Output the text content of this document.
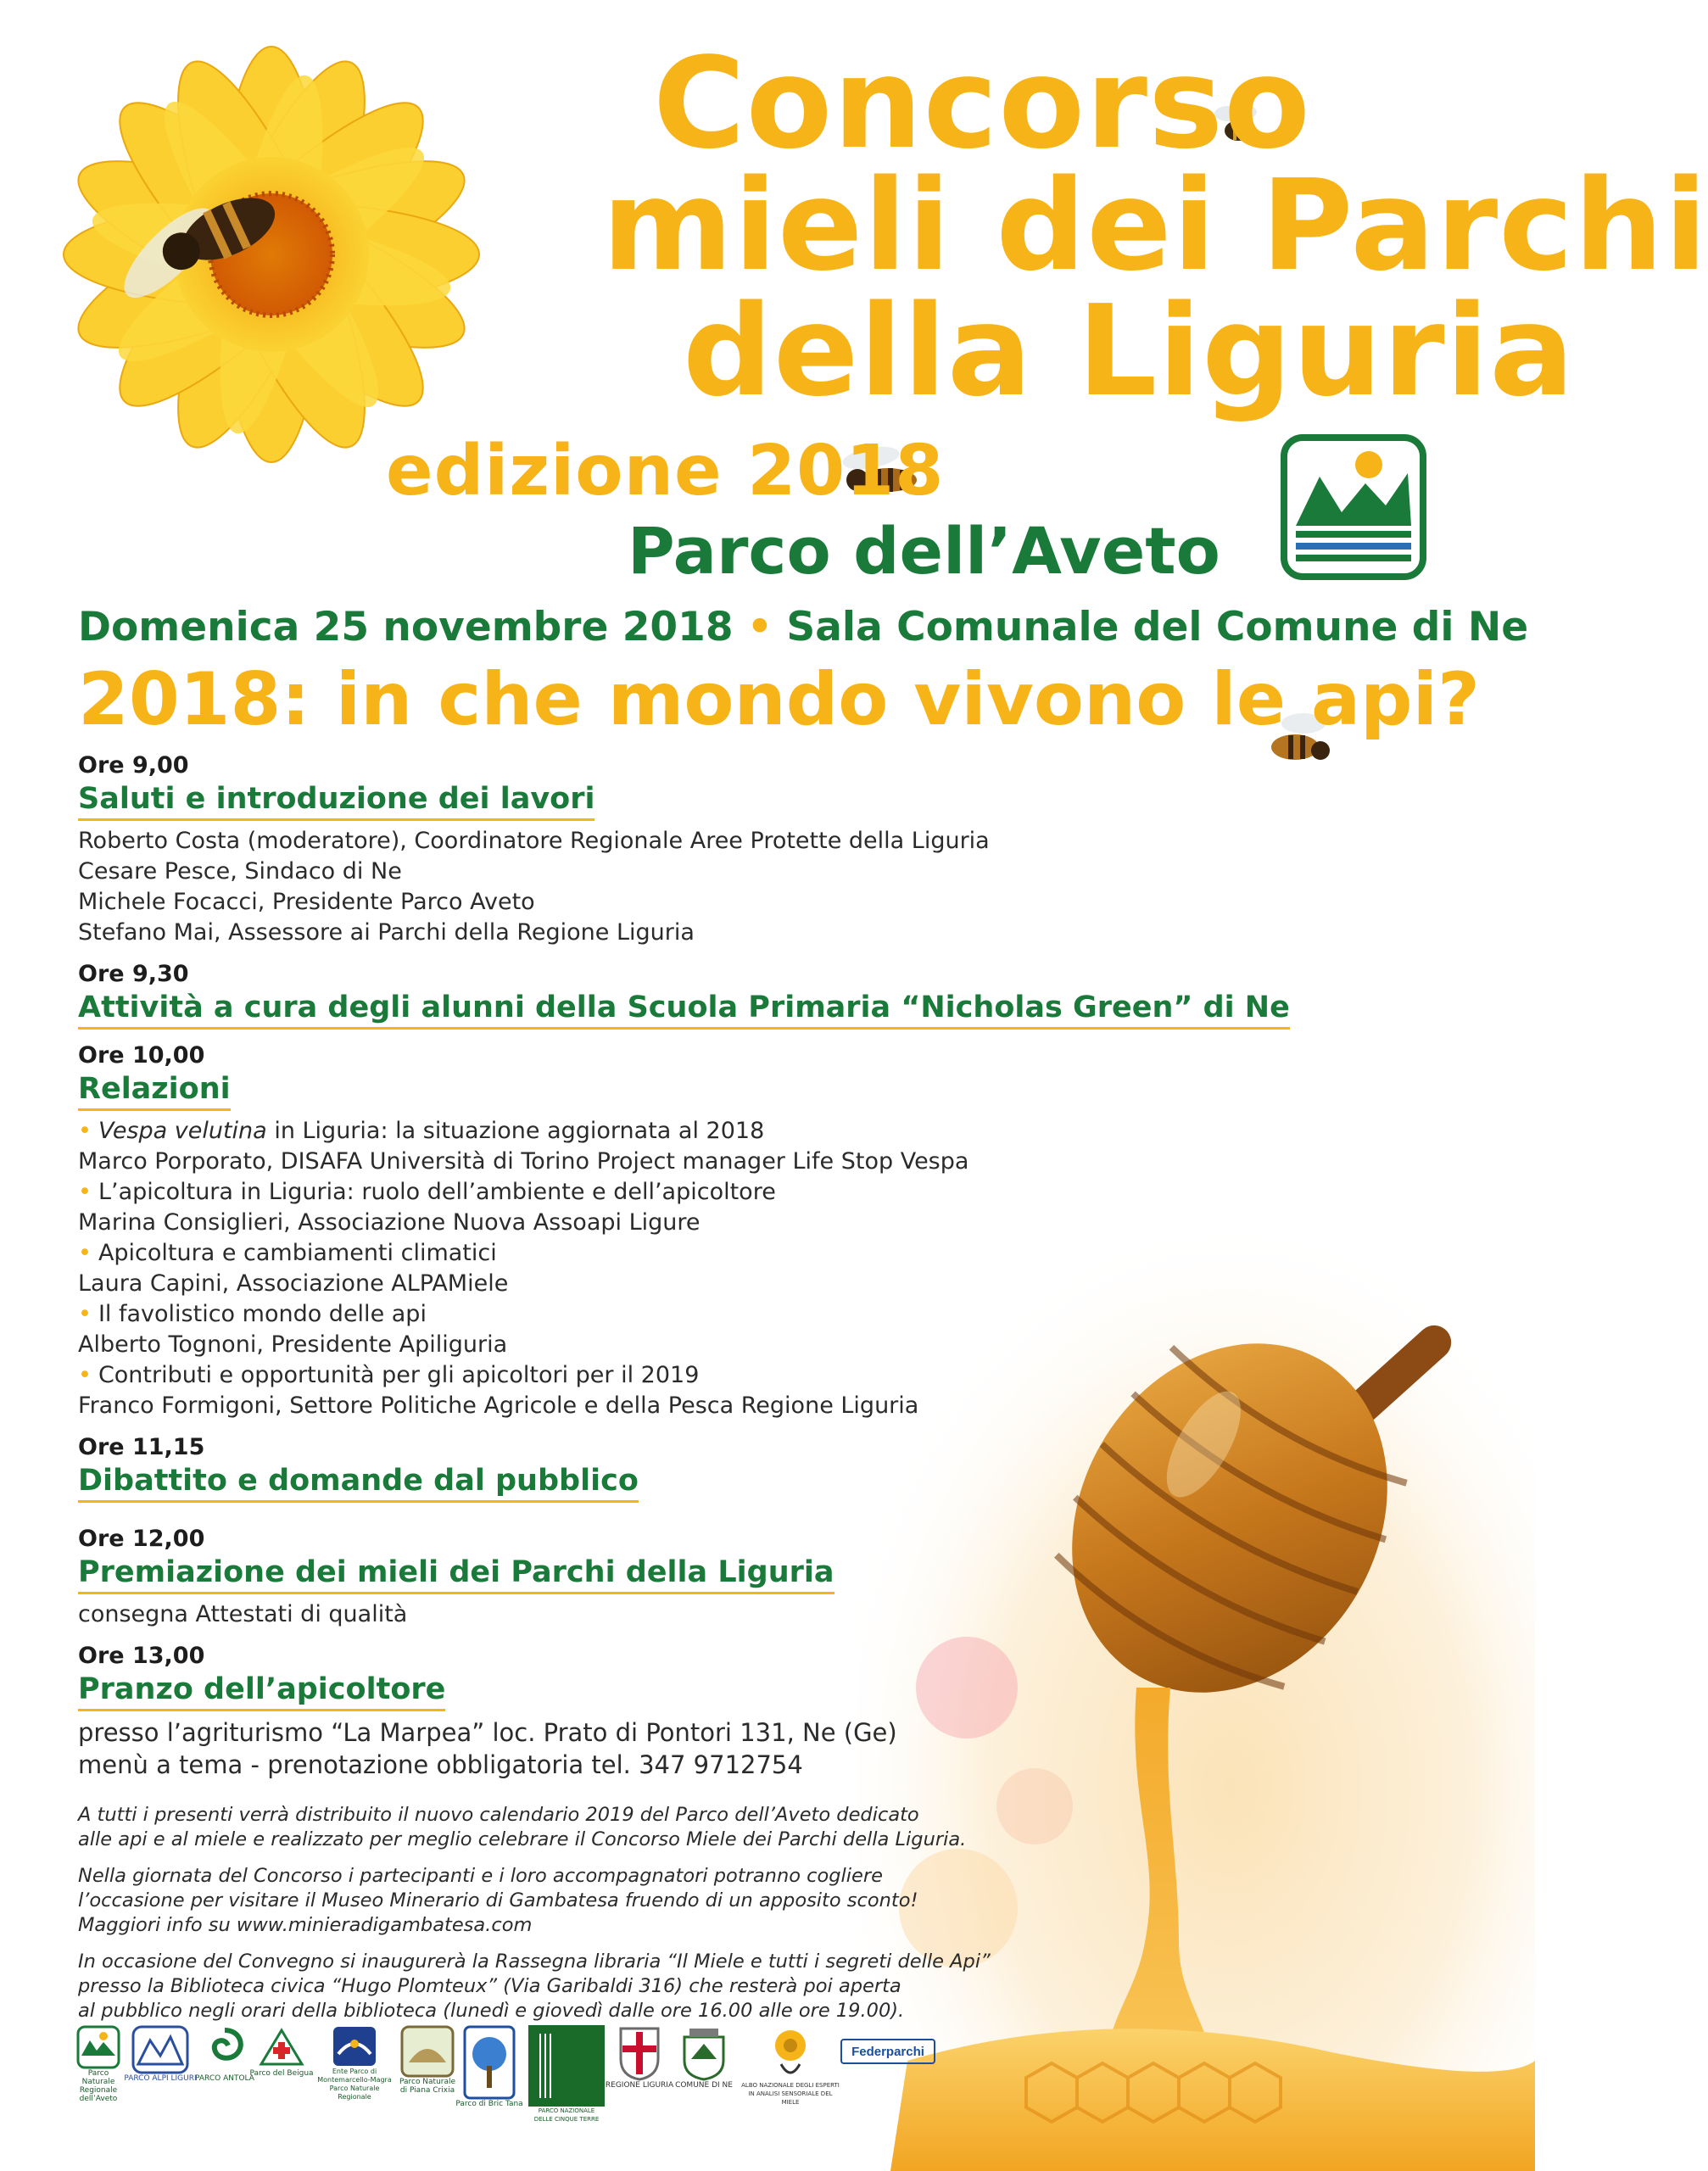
Concorso
mieli dei Parchi
della Liguria
edizione 2018
Parco dell’Aveto
Domenica 25 novembre 2018 • Sala Comunale del Comune di Ne
2018: in che mondo vivono le api?
Ore 9,00
Saluti e introduzione dei lavori
Roberto Costa (moderatore), Coordinatore Regionale Aree Protette della Liguria
Cesare Pesce, Sindaco di Ne
Michele Focacci, Presidente Parco Aveto
Stefano Mai, Assessore ai Parchi della Regione Liguria
Ore 9,30
Attività a cura degli alunni della Scuola Primaria “Nicholas Green” di Ne
Ore 10,00
Relazioni
• Vespa velutina in Liguria: la situazione aggiornata al 2018
Marco Porporato, DISAFA Università di Torino Project manager Life Stop Vespa
• L’apicoltura in Liguria: ruolo dell’ambiente e dell’apicoltore
Marina Consiglieri, Associazione Nuova Assoapi Ligure
• Apicoltura e cambiamenti climatici
Laura Capini, Associazione ALPAMiele
• Il favolistico mondo delle api
Alberto Tognoni, Presidente Apiliguria
• Contributi e opportunità per gli apicoltori per il 2019
Franco Formigoni, Settore Politiche Agricole e della Pesca Regione Liguria
Ore 11,15
Dibattito e domande dal pubblico
Ore 12,00
Premiazione dei mieli dei Parchi della Liguria
consegna Attestati di qualità
Ore 13,00
Pranzo dell’apicoltore
presso l’agriturismo “La Marpea” loc. Prato di Pontori 131, Ne (Ge)
menù a tema - prenotazione obbligatoria tel. 347 9712754
A tutti i presenti verrà distribuito il nuovo calendario 2019 del Parco dell’Aveto dedicato
alle api e al miele e realizzato per meglio celebrare il Concorso Miele dei Parchi della Liguria.
Nella giornata del Concorso i partecipanti e i loro accompagnatori potranno cogliere
l’occasione per visitare il Museo Minerario di Gambatesa fruendo di un apposito sconto!
Maggiori info su www.minieradigambatesa.com
In occasione del Convegno si inaugurerà la Rassegna libraria “Il Miele e tutti i segreti delle Api”
presso la Biblioteca civica “Hugo Plomteux” (Via Garibaldi 316) che resterà poi aperta
al pubblico negli orari della biblioteca (lunedì e giovedì dalle ore 16.00 alle ore 19.00).
Parco Naturale Regionale dell’Aveto
PARCO ALPI LIGURI
PARCO ANTOLA
Parco del Beigua	Ente Parco di Montemarcello-Magra Parco Naturale Regionale
Parco Naturale di Piana Crixia
Parco di Bric Tana
PARCO NAZIONALE DELLE CINQUE TERRE
REGIONE LIGURIA COMUNE DI NE ALBO NAZIONALE DEGLI ESPERTI IN ANALISI SENSORIALE DEL MIELE
Federparchi
